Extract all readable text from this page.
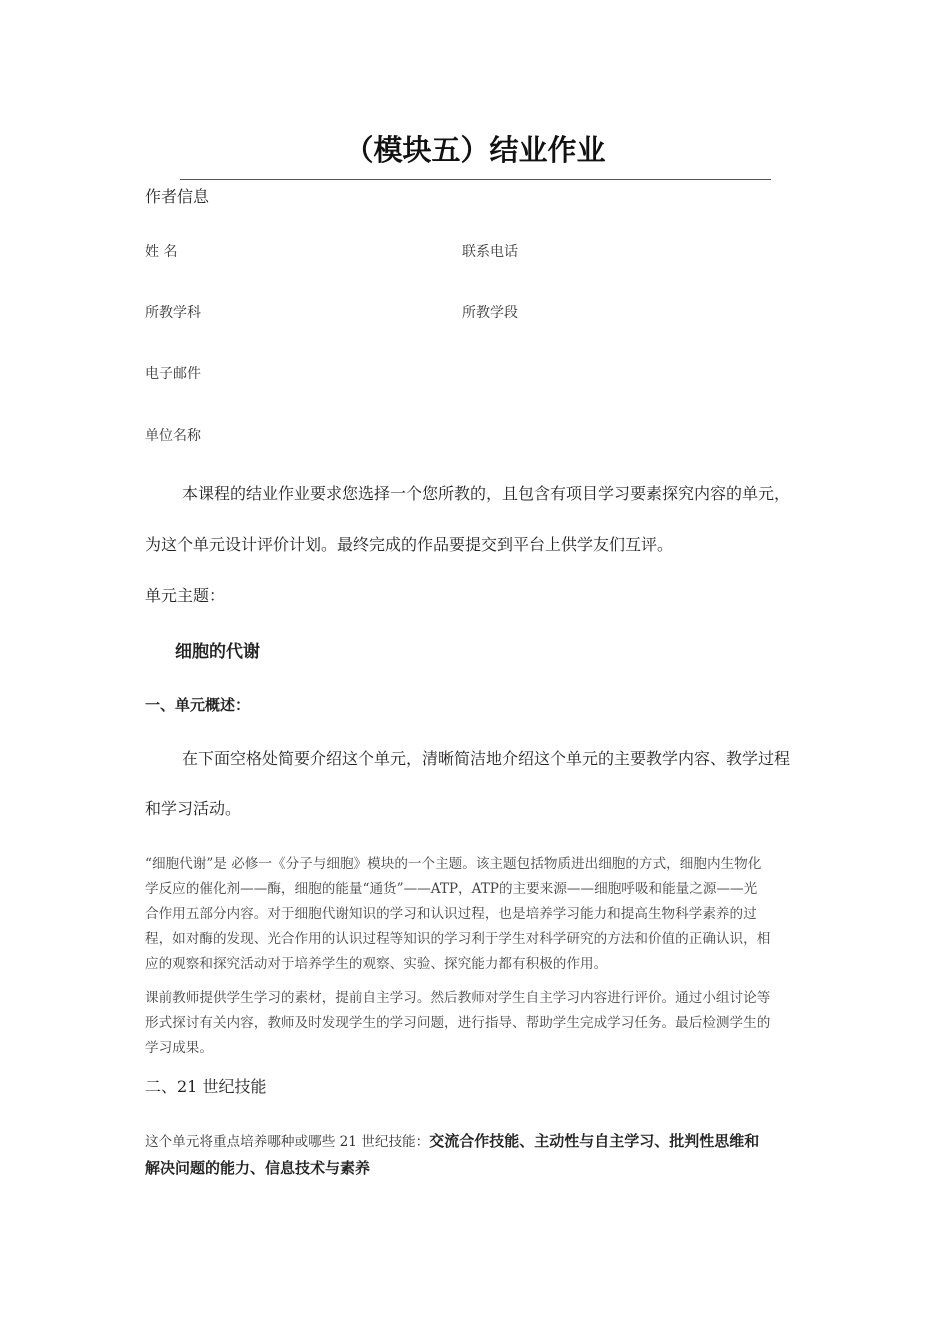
（模块五）结业作业
作者信息
姓 名	联系电话
所教学科	所教学段
电子邮件
单位名称
本课程的结业作业要求您选择一个您所教的，且包含有项目学习要素探究内容的单元，
为这个单元设计评价计划。最终完成的作品要提交到平台上供学友们互评。
单元主题：
细胞的代谢
一、单元概述：
在下面空格处简要介绍这个单元，清晰简洁地介绍这个单元的主要教学内容、教学过程
和学习活动。
“细胞代谢”是 必修一《分子与细胞》模块的一个主题。该主题包括物质进出细胞的方式，细胞内生物化
学反应的催化剂——酶，细胞的能量“通货”——ATP，ATP的主要来源——细胞呼吸和能量之源——光
合作用五部分内容。对于细胞代谢知识的学习和认识过程，也是培养学习能力和提高生物科学素养的过
程，如对酶的发现、光合作用的认识过程等知识的学习利于学生对科学研究的方法和价值的正确认识，相
应的观察和探究活动对于培养学生的观察、实验、探究能力都有积极的作用。
课前教师提供学生学习的素材，提前自主学习。然后教师对学生自主学习内容进行评价。通过小组讨论等
形式探讨有关内容，教师及时发现学生的学习问题，进行指导、帮助学生完成学习任务。最后检测学生的
学习成果。
二、21 世纪技能
这个单元将重点培养哪种或哪些 21 世纪技能：交流合作技能、主动性与自主学习、批判性思维和
解决问题的能力、信息技术与素养
